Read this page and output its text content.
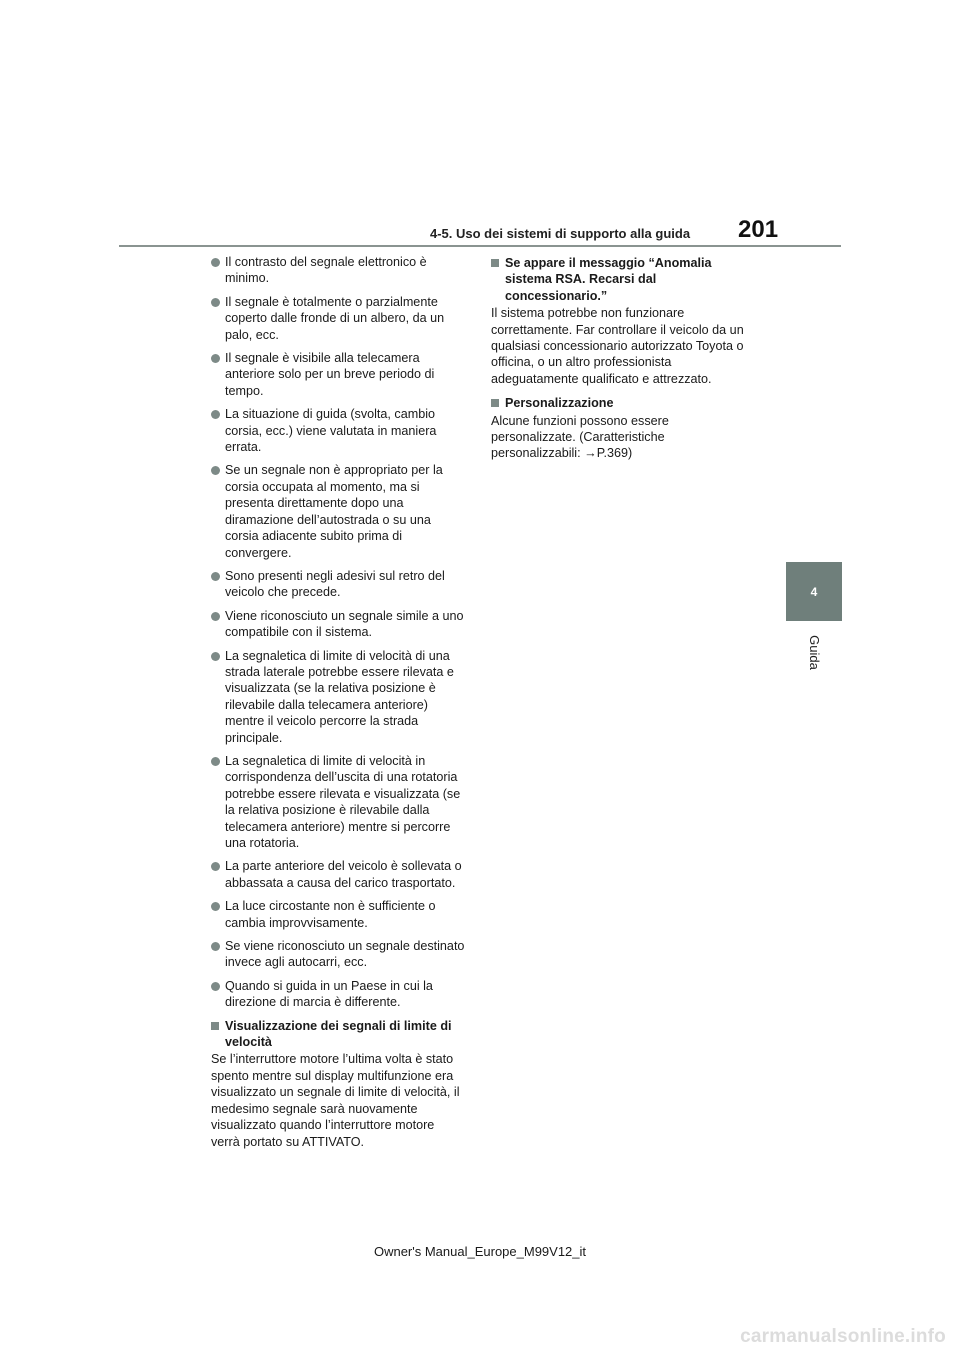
4-5. Uso dei sistemi di supporto alla guida 201
4
Guida
Il contrasto del segnale elettronico è minimo.
Il segnale è totalmente o parzialmente coperto dalle fronde di un albero, da un palo, ecc.
Il segnale è visibile alla telecamera anteriore solo per un breve periodo di tempo.
La situazione di guida (svolta, cambio corsia, ecc.) viene valutata in maniera errata.
Se un segnale non è appropriato per la corsia occupata al momento, ma si presenta direttamente dopo una diramazione dell’autostrada o su una corsia adiacente subito prima di convergere.
Sono presenti negli adesivi sul retro del veicolo che precede.
Viene riconosciuto un segnale simile a uno compatibile con il sistema.
La segnaletica di limite di velocità di una strada laterale potrebbe essere rilevata e visualizzata (se la relativa posizione è rilevabile dalla telecamera anteriore) mentre il veicolo percorre la strada principale.
La segnaletica di limite di velocità in corrispondenza dell’uscita di una rotatoria potrebbe essere rilevata e visualizzata (se la relativa posizione è rilevabile dalla telecamera anteriore) mentre si percorre una rotatoria.
La parte anteriore del veicolo è sollevata o abbassata a causa del carico trasportato.
La luce circostante non è sufficiente o cambia improvvisamente.
Se viene riconosciuto un segnale destinato invece agli autocarri, ecc.
Quando si guida in un Paese in cui la direzione di marcia è differente.
Visualizzazione dei segnali di limite di velocità

Se l’interruttore motore l’ultima volta è stato spento mentre sul display multifunzione era visualizzato un segnale di limite di velocità, il medesimo segnale sarà nuovamente visualizzato quando l’interruttore motore verrà portato su ATTIVATO.

Se appare il messaggio “Anomalia sistema RSA. Recarsi dal concessionario.”

Il sistema potrebbe non funzionare correttamente. Far controllare il veicolo da un qualsiasi concessionario autorizzato Toyota o officina, o un altro professionista adeguatamente qualificato e attrezzato.

Personalizzazione

Alcune funzioni possono essere personalizzate. (Caratteristiche personalizzabili: →P.369)

Owner's Manual_Europe_M99V12_it
carmanualsonline.info
